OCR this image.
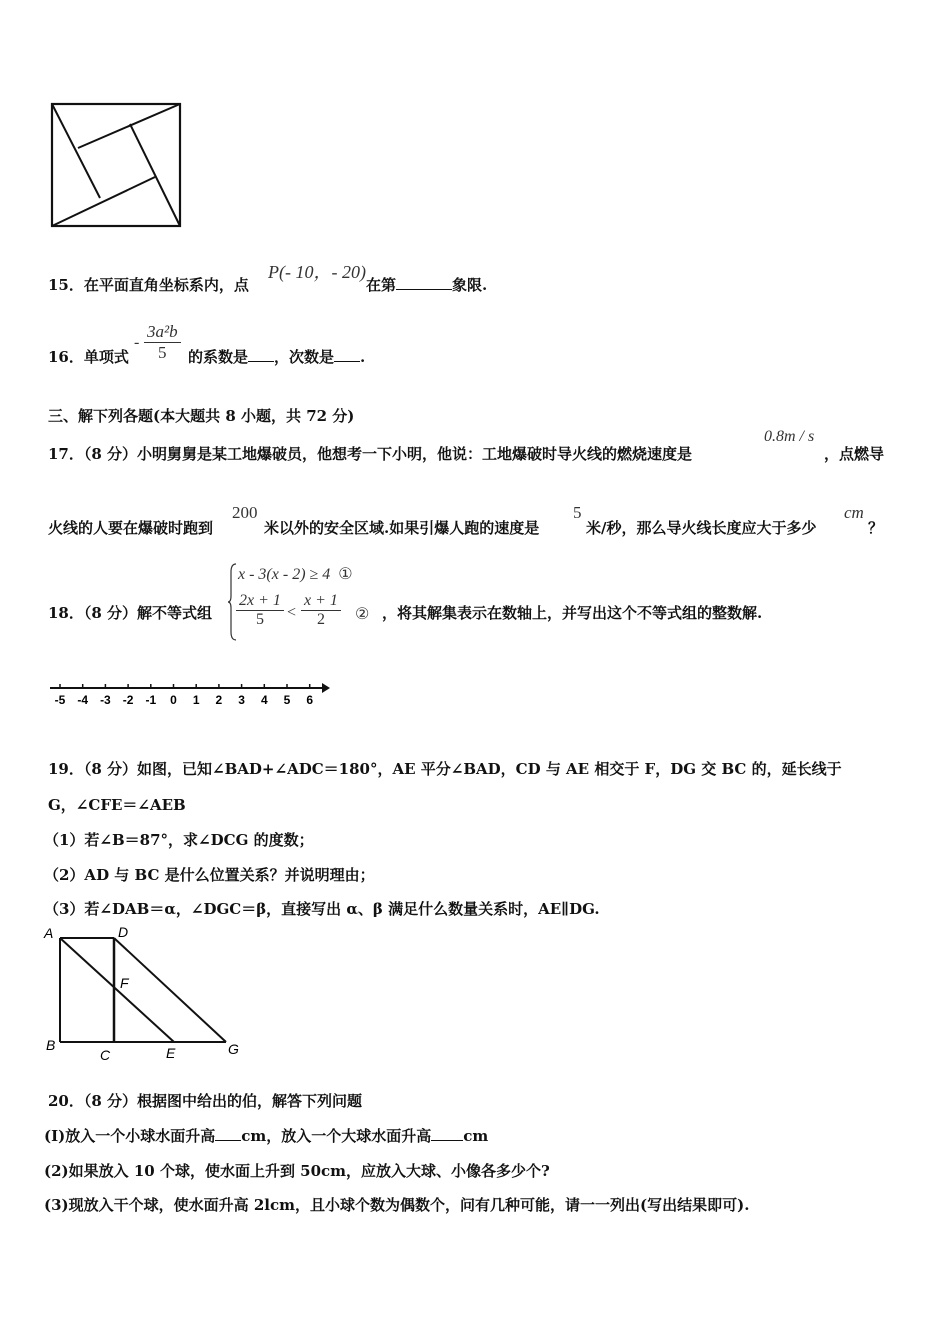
15．在平面直角坐标系内，点
P(- 10，- 20)
在第	象限.
16．单项式
- $\frac{\text{3a²b}}{5}$ 的系数是 ，次数是 .
三、解下列各题(本大题共 8 小题，共 72 分)
17．（8 分）小明舅舅是某工地爆破员，他想考一下小明，他说：工地爆破时导火线的燃烧速度是
0.8m / s
，点燃导
火线的人要在爆破时跑到
200
米以外的安全区域.如果引爆人跑的速度是
5
米/秒，那么导火线长度应大于多少
cm
？
18．（8 分）解不等式组
x - 3(x - 2) ≥ 4 ①
$\frac{2x + 1}{5} < \frac{x + 1}{2}$ ② ，将其解集表示在数轴上，并写出这个不等式组的整数解.
-5 -4 -3 -2 -1 0 1 2 3 4 5 6
19．（8 分）如图，已知∠BAD+∠ADC＝180°，AE 平分∠BAD，CD 与 AE 相交于 F，DG 交 BC 的，延长线于
G，∠CFE＝∠AEB
（1）若∠B＝87°，求∠DCG 的度数；
（2）AD 与 BC 是什么位置关系？并说明理由；
（3）若∠DAB＝α，∠DGC＝β，直接写出 α、β 满足什么数量关系时，AE∥DG.
A	D
F
B
C	E	G
20．（8 分）根据图中给出的伯，解答下列问题
(I)放入一个小球水面升高 cm，放入一个大球水面升高 cm
(2)如果放入 10 个球，使水面上升到 50cm，应放入大球、小像各多少个?
(3)现放入干个球，使水面升高 2lcm，且小球个数为偶数个，问有几种可能，请一一列出(写出结果即可).
